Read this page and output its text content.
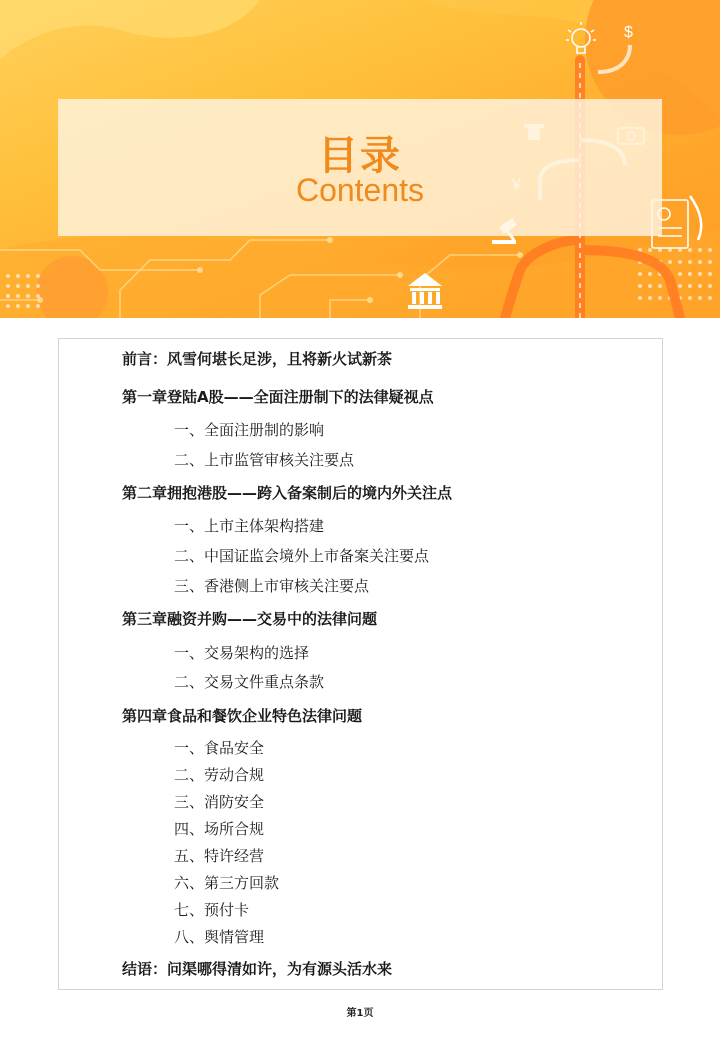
$
目录
Contents
前言：风雪何堪长足涉，且将新火试新茶
第一章登陆A股——全面注册制下的法律疑视点
一、全面注册制的影响
二、上市监管审核关注要点
第二章拥抱港股——跨入备案制后的境内外关注点
一、上市主体架构搭建
二、中国证监会境外上市备案关注要点
三、香港侧上市审核关注要点
第三章融资并购——交易中的法律问题
一、交易架构的选择
二、交易文件重点条款
第四章食品和餐饮企业特色法律问题
一、食品安全
二、劳动合规
三、消防安全
四、场所合规
五、特许经营
六、第三方回款
七、预付卡
八、舆情管理
结语：问渠哪得清如许，为有源头活水来
第1页
